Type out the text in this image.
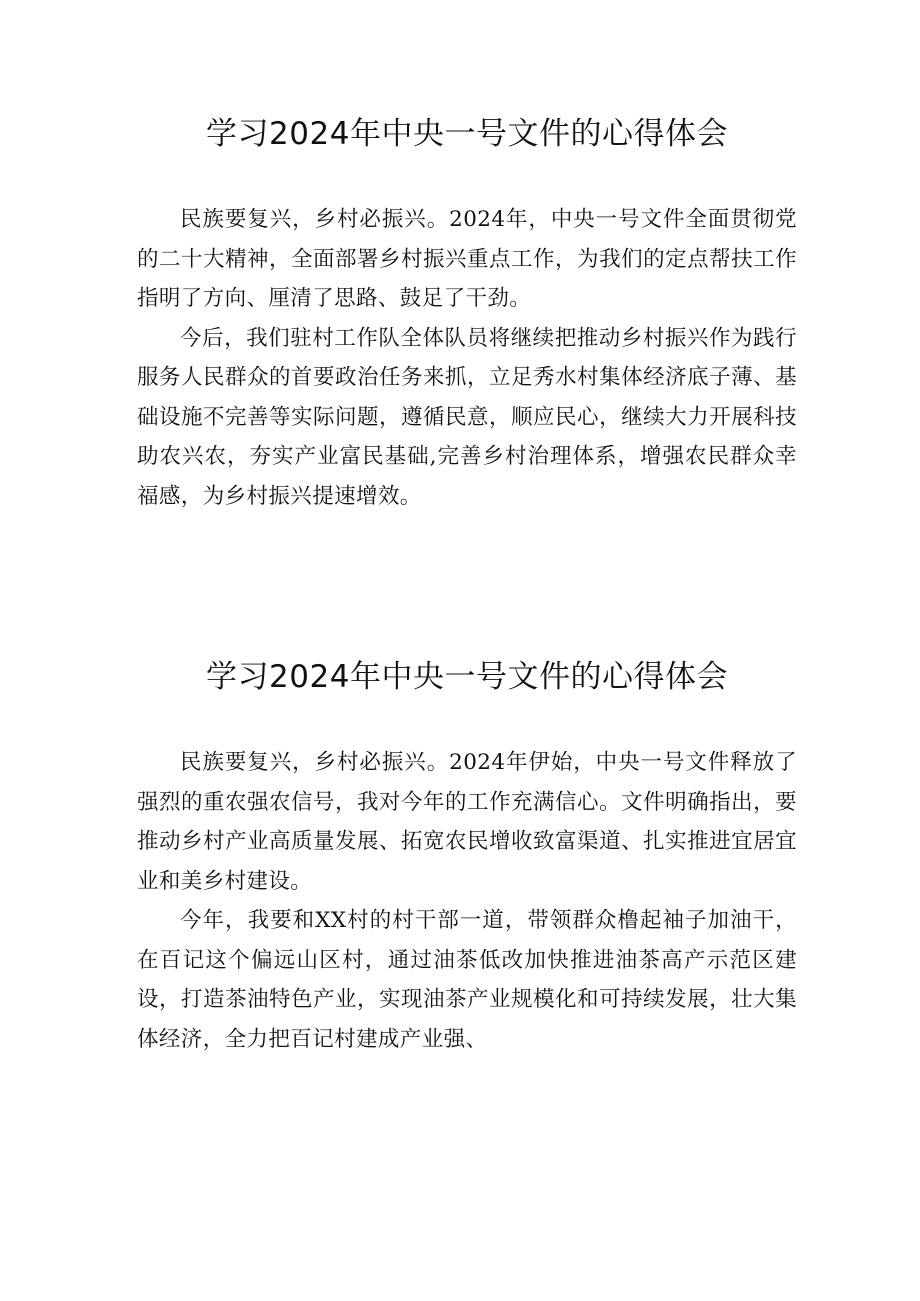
学习2024年中央一号文件的心得体会

民族要复兴，乡村必振兴。2024年，中央一号文件全面贯彻党的二十大精神，全面部署乡村振兴重点工作，为我们的定点帮扶工作指明了方向、厘清了思路、鼓足了干劲。

今后，我们驻村工作队全体队员将继续把推动乡村振兴作为践行服务人民群众的首要政治任务来抓，立足秀水村集体经济底子薄、基础设施不完善等实际问题，遵循民意，顺应民心，继续大力开展科技助农兴农，夯实产业富民基础,完善乡村治理体系，增强农民群众幸福感，为乡村振兴提速增效。

学习2024年中央一号文件的心得体会

民族要复兴，乡村必振兴。2024年伊始，中央一号文件释放了强烈的重农强农信号，我对今年的工作充满信心。文件明确指出，要推动乡村产业高质量发展、拓宽农民增收致富渠道、扎实推进宜居宜业和美乡村建设。

今年，我要和XX村的村干部一道，带领群众橹起袖子加油干，在百记这个偏远山区村，通过油茶低改加快推进油茶高产示范区建设，打造茶油特色产业，实现油茶产业规模化和可持续发展，壮大集体经济，全力把百记村建成产业强、
